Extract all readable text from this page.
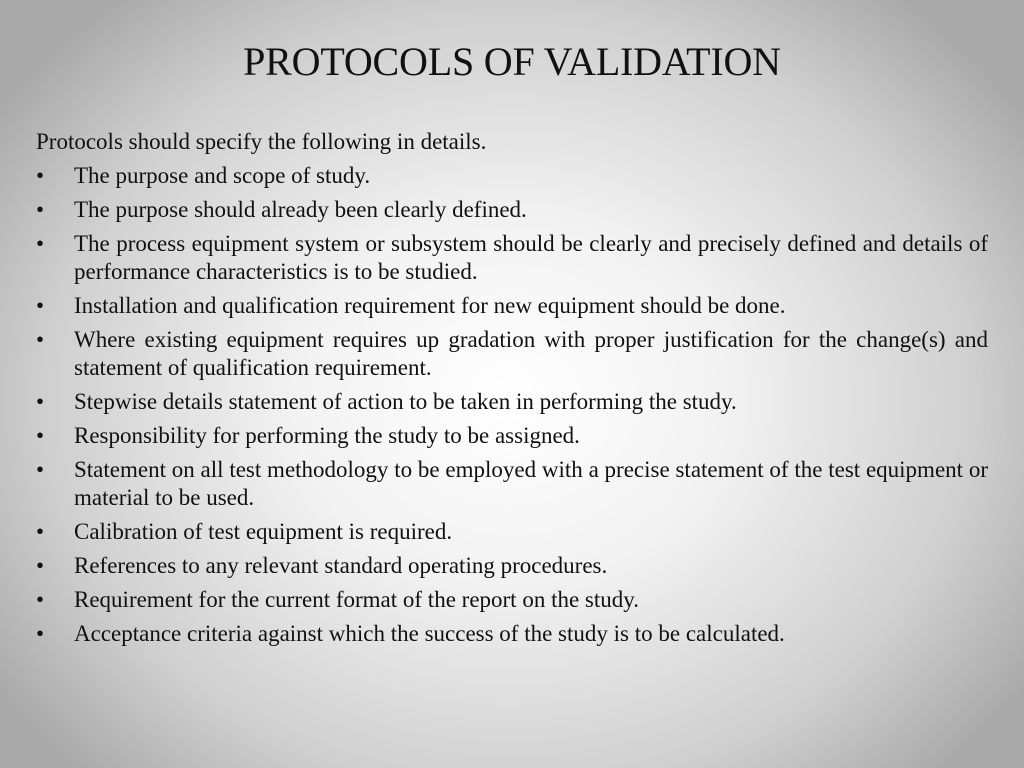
PROTOCOLS OF VALIDATION

Protocols should specify the following in details.

•	The purpose and scope of study.
•	The purpose should already been clearly defined.
•	The process equipment system or subsystem should be clearly and precisely defined and details of performance characteristics is to be studied.
•	Installation and qualification requirement for new equipment should be done.
•	Where existing equipment requires up gradation with proper justification for the change(s) and statement of qualification requirement.
•	Stepwise details statement of action to be taken in performing the study.
•	Responsibility for performing the study to be assigned.
•	Statement on all test methodology to be employed with a precise statement of the test equipment or material to be used.
•	Calibration of test equipment is required.
•	References to any relevant standard operating procedures.
•	Requirement for the current format of the report on the study.
•	Acceptance criteria against which the success of the study is to be calculated.
